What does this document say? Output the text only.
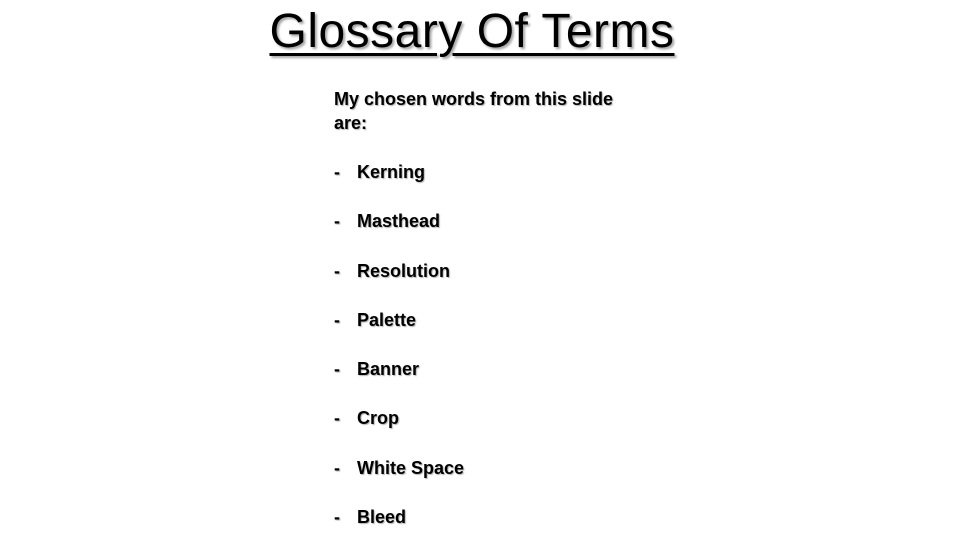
Glossary Of Terms

My chosen words from this slide are:

- Kerning
- Masthead
- Resolution
- Palette
- Banner
- Crop
- White Space
- Bleed
